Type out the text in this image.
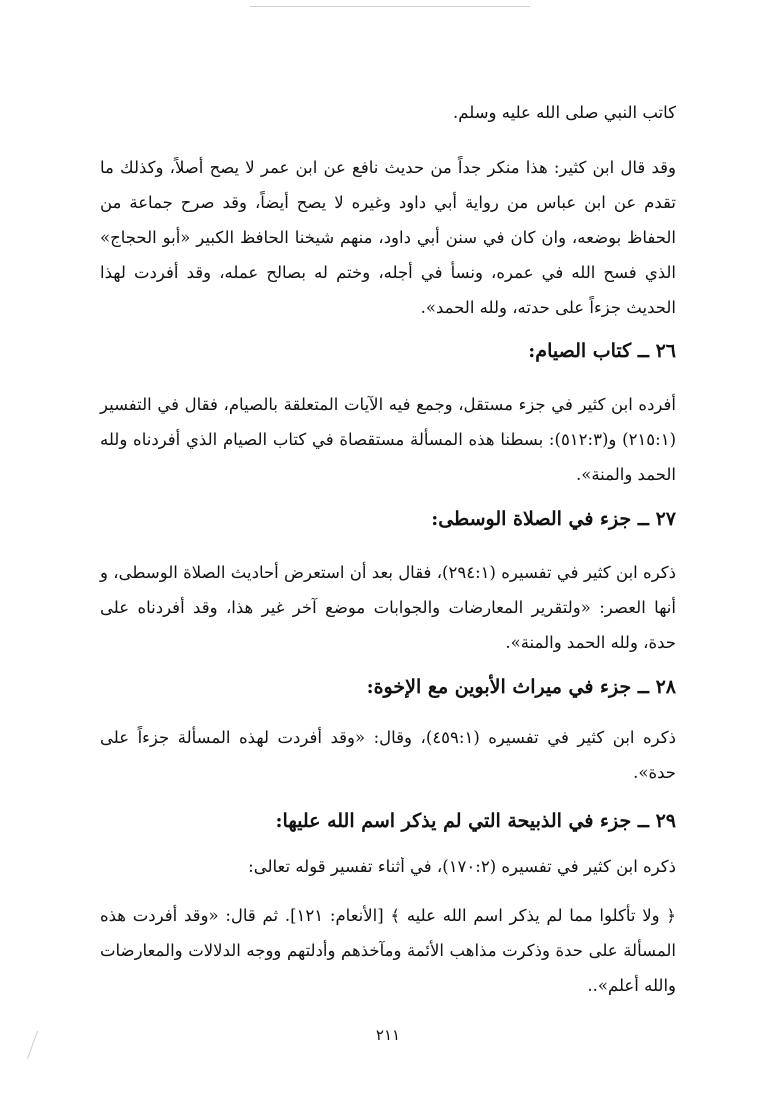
كاتب النبي صلى الله عليه وسلم.
وقد قال ابن كثير: هذا منكر جداً من حديث نافع عن ابن عمر لا يصح أصلاً، وكذلك ما تقدم عن ابن عباس من رواية أبي داود وغيره لا يصح أيضاً، وقد صرح جماعة من الحفاظ بوضعه، وان كان في سنن أبي داود، منهم شيخنا الحافظ الكبير «أبو الحجاج» الذي فسح الله في عمره، ونسأ في أجله، وختم له بصالح عمله، وقد أفردت لهذا الحديث جزءاً على حدته، ولله الحمد».
٢٦ ــ كتاب الصيام:
أفرده ابن كثير في جزء مستقل، وجمع فيه الآيات المتعلقة بالصيام، فقال في التفسير (٢١٥:١) و(٥١٢:٣): بسطنا هذه المسألة مستقصاة في كتاب الصيام الذي أفردناه ولله الحمد والمنة».
٢٧ ــ جزء في الصلاة الوسطى:
ذكره ابن كثير في تفسيره (٢٩٤:١)، فقال بعد أن استعرض أحاديث الصلاة الوسطى، و أنها العصر: «ولتقرير المعارضات والجوابات موضع آخر غير هذا، وقد أفردناه على حدة، ولله الحمد والمنة».
٢٨ ــ جزء في ميراث الأبوين مع الإخوة:
ذكره ابن كثير في تفسيره (٤٥٩:١)، وقال: «وقد أفردت لهذه المسألة جزءاً على حدة».
٢٩ ــ جزء في الذبيحة التي لم يذكر اسم الله عليها:
ذكره ابن كثير في تفسيره (١٧٠:٢)، في أثناء تفسير قوله تعالى:
﴿ ولا تأكلوا مما لم يذكر اسم الله عليه ﴾ [الأنعام: ١٢١]. ثم قال: «وقد أفردت هذه المسألة على حدة وذكرت مذاهب الأئمة ومآخذهم وأدلتهم ووجه الدلالات والمعارضات والله أعلم»..
٢١١
